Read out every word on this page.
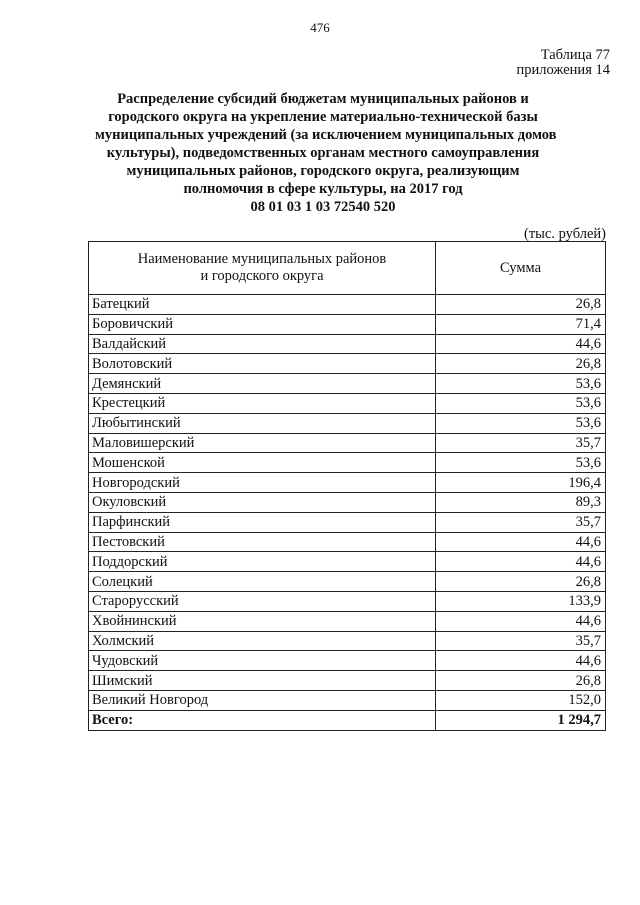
476
Таблица 77
приложения 14
Распределение субсидий бюджетам муниципальных районов и
городского округа на укрепление материально-технической базы
муниципальных учреждений (за исключением муниципальных домов
культуры), подведомственных органам местного самоуправления
муниципальных районов, городского округа, реализующим
полномочия в сфере культуры, на 2017 год
08 01 03 1 03 72540 520
(тыс. рублей)
Наименование муниципальных районов
и городского округа	Сумма
Батецкий	26,8
Боровичский	71,4
Валдайский	44,6
Волотовский	26,8
Демянский	53,6
Крестецкий	53,6
Любытинский	53,6
Маловишерский	35,7
Мошенской	53,6
Новгородский	196,4
Окуловский	89,3
Парфинский	35,7
Пестовский	44,6
Поддорский	44,6
Солецкий	26,8
Старорусский	133,9
Хвойнинский	44,6
Холмский	35,7
Чудовский	44,6
Шимский	26,8
Великий Новгород	152,0
Всего:	1 294,7
